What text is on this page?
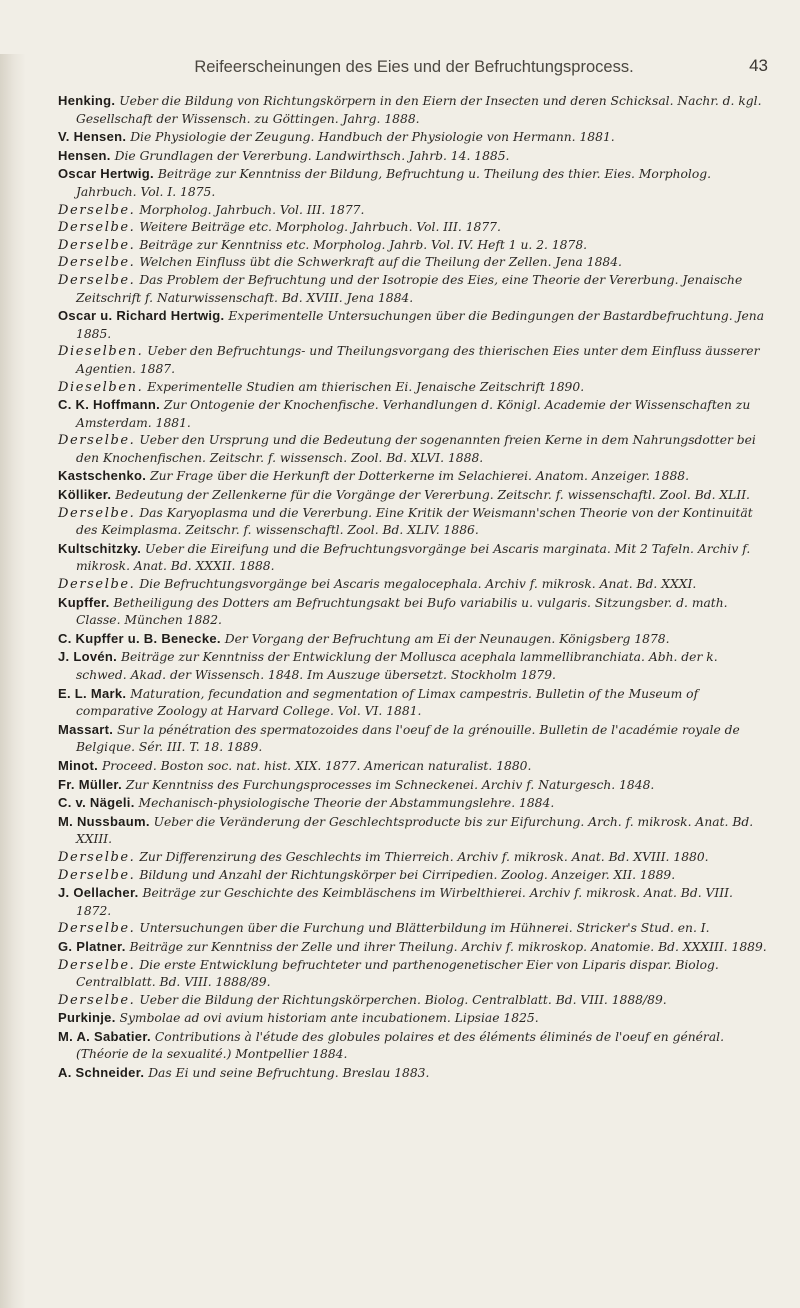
Reifeerscheinungen des Eies und der Befruchtungsprocess.	43

Henking. Ueber die Bildung von Richtungskörpern in den Eiern der Insecten und deren Schicksal. Nachr. d. kgl. Gesellschaft der Wissensch. zu Göttingen. Jahrg. 1888.

V. Hensen. Die Physiologie der Zeugung. Handbuch der Physiologie von Hermann. 1881.

Hensen. Die Grundlagen der Vererbung. Landwirthsch. Jahrb. 14. 1885.

Oscar Hertwig. Beiträge zur Kenntniss der Bildung, Befruchtung u. Theilung des thier. Eies. Morpholog. Jahrbuch. Vol. I. 1875.

Derselbe. Morpholog. Jahrbuch. Vol. III. 1877.

Derselbe. Weitere Beiträge etc. Morpholog. Jahrbuch. Vol. III. 1877.

Derselbe. Beiträge zur Kenntniss etc. Morpholog. Jahrb. Vol. IV. Heft 1 u. 2. 1878.

Derselbe. Welchen Einfluss übt die Schwerkraft auf die Theilung der Zellen. Jena 1884.

Derselbe. Das Problem der Befruchtung und der Isotropie des Eies, eine Theorie der Vererbung. Jenaische Zeitschrift f. Naturwissenschaft. Bd. XVIII. Jena 1884.

Oscar u. Richard Hertwig. Experimentelle Untersuchungen über die Bedingungen der Bastardbefruchtung. Jena 1885.

Dieselben. Ueber den Befruchtungs- und Theilungsvorgang des thierischen Eies unter dem Einfluss äusserer Agentien. 1887.

Dieselben. Experimentelle Studien am thierischen Ei. Jenaische Zeitschrift 1890.

C. K. Hoffmann. Zur Ontogenie der Knochenfische. Verhandlungen d. Königl. Academie der Wissenschaften zu Amsterdam. 1881.

Derselbe. Ueber den Ursprung und die Bedeutung der sogenannten freien Kerne in dem Nahrungsdotter bei den Knochenfischen. Zeitschr. f. wissensch. Zool. Bd. XLVI. 1888.

Kastschenko. Zur Frage über die Herkunft der Dotterkerne im Selachierei. Anatom. Anzeiger. 1888.

Kölliker. Bedeutung der Zellenkerne für die Vorgänge der Vererbung. Zeitschr. f. wissenschaftl. Zool. Bd. XLII.

Derselbe. Das Karyoplasma und die Vererbung. Eine Kritik der Weismann'schen Theorie von der Kontinuität des Keimplasma. Zeitschr. f. wissenschaftl. Zool. Bd. XLIV. 1886.

Kultschitzky. Ueber die Eireifung und die Befruchtungsvorgänge bei Ascaris marginata. Mit 2 Tafeln. Archiv f. mikrosk. Anat. Bd. XXXII. 1888.

Derselbe. Die Befruchtungsvorgänge bei Ascaris megalocephala. Archiv f. mikrosk. Anat. Bd. XXXI.

Kupffer. Betheiligung des Dotters am Befruchtungsakt bei Bufo variabilis u. vulgaris. Sitzungsber. d. math. Classe. München 1882.

C. Kupffer u. B. Benecke. Der Vorgang der Befruchtung am Ei der Neunaugen. Königsberg 1878.

J. Lovén. Beiträge zur Kenntniss der Entwicklung der Mollusca acephala lammellibranchiata. Abh. der k. schwed. Akad. der Wissensch. 1848. Im Auszuge übersetzt. Stockholm 1879.

E. L. Mark. Maturation, fecundation and segmentation of Limax campestris. Bulletin of the Museum of comparative Zoology at Harvard College. Vol. VI. 1881.

Massart. Sur la pénétration des spermatozoides dans l'oeuf de la grénouille. Bulletin de l'académie royale de Belgique. Sér. III. T. 18. 1889.

Minot. Proceed. Boston soc. nat. hist. XIX. 1877. American naturalist. 1880.

Fr. Müller. Zur Kenntniss des Furchungsprocesses im Schneckenei. Archiv f. Naturgesch. 1848.

C. v. Nägeli. Mechanisch-physiologische Theorie der Abstammungslehre. 1884.

M. Nussbaum. Ueber die Veränderung der Geschlechtsproducte bis zur Eifurchung. Arch. f. mikrosk. Anat. Bd. XXIII.

Derselbe. Zur Differenzirung des Geschlechts im Thierreich. Archiv f. mikrosk. Anat. Bd. XVIII. 1880.

Derselbe. Bildung und Anzahl der Richtungskörper bei Cirripedien. Zoolog. Anzeiger. XII. 1889.

J. Oellacher. Beiträge zur Geschichte des Keimbläschens im Wirbelthierei. Archiv f. mikrosk. Anat. Bd. VIII. 1872.

Derselbe. Untersuchungen über die Furchung und Blätterbildung im Hühnerei. Stricker's Stud. en. I.

G. Platner. Beiträge zur Kenntniss der Zelle und ihrer Theilung. Archiv f. mikroskop. Anatomie. Bd. XXXIII. 1889.

Derselbe. Die erste Entwicklung befruchteter und parthenogenetischer Eier von Liparis dispar. Biolog. Centralblatt. Bd. VIII. 1888/89.

Derselbe. Ueber die Bildung der Richtungskörperchen. Biolog. Centralblatt. Bd. VIII. 1888/89.

Purkinje. Symbolae ad ovi avium historiam ante incubationem. Lipsiae 1825.

M. A. Sabatier. Contributions à l'étude des globules polaires et des éléments éliminés de l'oeuf en général. (Théorie de la sexualité.) Montpellier 1884.

A. Schneider. Das Ei und seine Befruchtung. Breslau 1883.
